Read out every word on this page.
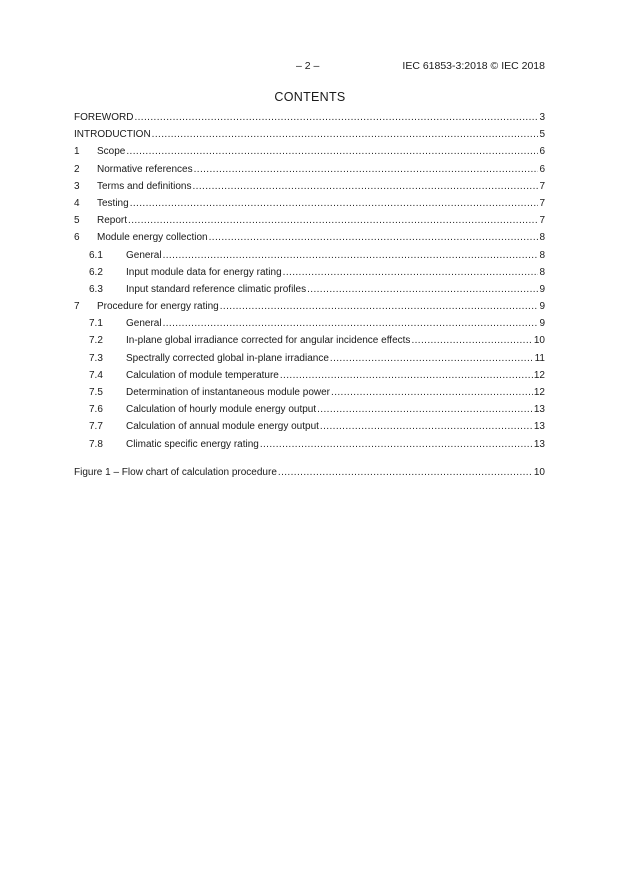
– 2 –	IEC 61853-3:2018 © IEC 2018
CONTENTS
FOREWORD .....	3
INTRODUCTION .....	5
1	Scope .....	6
2	Normative references .....	6
3	Terms and definitions .....	7
4	Testing .....	7
5	Report .....	7
6	Module energy collection .....	8
6.1	General .....	8
6.2	Input module data for energy rating .....	8
6.3	Input standard reference climatic profiles .....	9
7	Procedure for energy rating .....	9
7.1	General .....	9
7.2	In-plane global irradiance corrected for angular incidence effects .....	10
7.3	Spectrally corrected global in-plane irradiance .....	11
7.4	Calculation of module temperature .....	12
7.5	Determination of instantaneous module power .....	12
7.6	Calculation of hourly module energy output .....	13
7.7	Calculation of annual module energy output .....	13
7.8	Climatic specific energy rating .....	13
Figure 1 – Flow chart of calculation procedure .....	10
